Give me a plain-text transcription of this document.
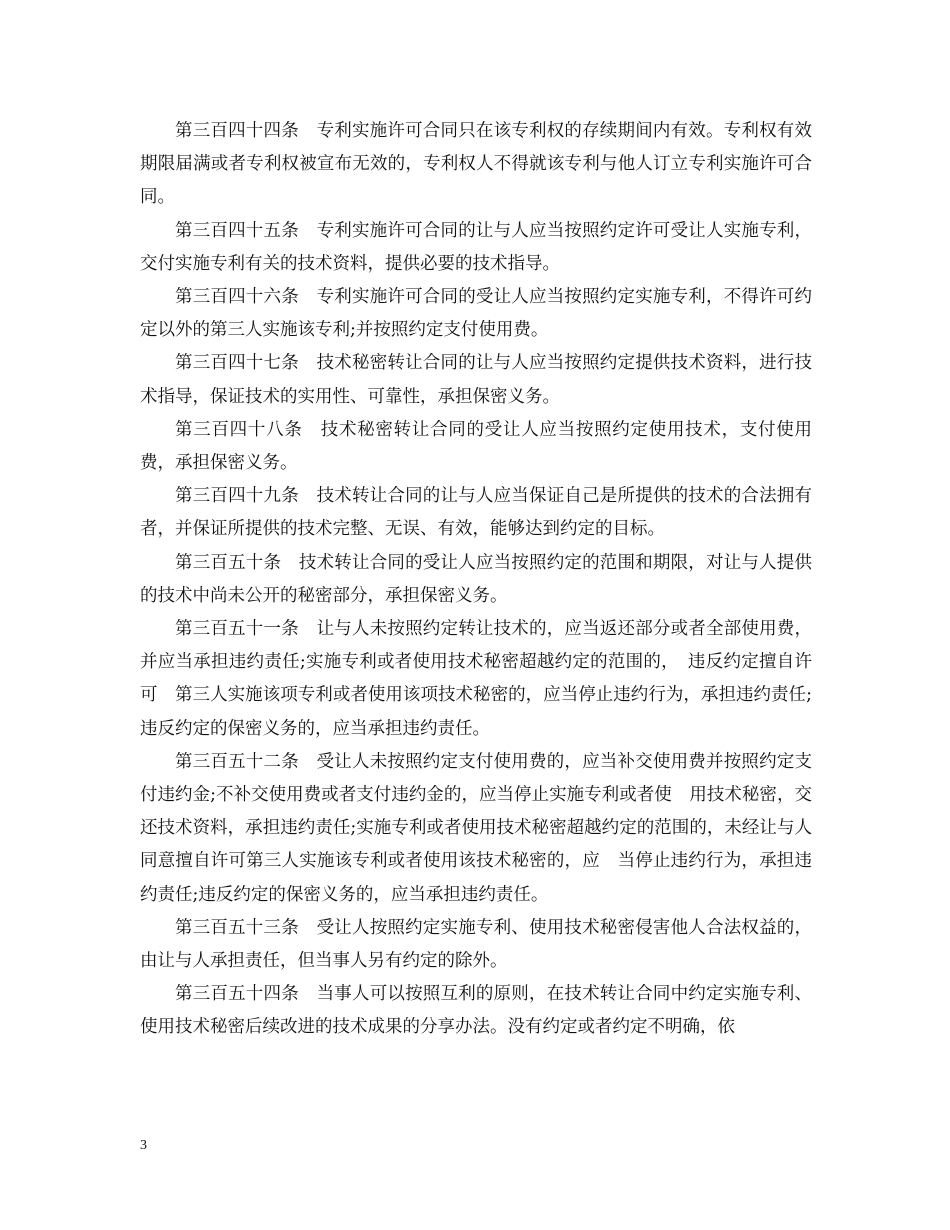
第三百四十四条　专利实施许可合同只在该专利权的存续期间内有效。专利权有效期限届满或者专利权被宣布无效的，专利权人不得就该专利与他人订立专利实施许可合同。

第三百四十五条　专利实施许可合同的让与人应当按照约定许可受让人实施专利，交付实施专利有关的技术资料，提供必要的技术指导。

第三百四十六条　专利实施许可合同的受让人应当按照约定实施专利，不得许可约定以外的第三人实施该专利;并按照约定支付使用费。

第三百四十七条　技术秘密转让合同的让与人应当按照约定提供技术资料，进行技术指导，保证技术的实用性、可靠性，承担保密义务。

第三百四十八条　技术秘密转让合同的受让人应当按照约定使用技术，支付使用费，承担保密义务。

第三百四十九条　技术转让合同的让与人应当保证自己是所提供的技术的合法拥有者，并保证所提供的技术完整、无误、有效，能够达到约定的目标。

第三百五十条　技术转让合同的受让人应当按照约定的范围和期限，对让与人提供的技术中尚未公开的秘密部分，承担保密义务。

第三百五十一条　让与人未按照约定转让技术的，应当返还部分或者全部使用费，并应当承担违约责任;实施专利或者使用技术秘密超越约定的范围的，　违反约定擅自许可　第三人实施该项专利或者使用该项技术秘密的，应当停止违约行为，承担违约责任;违反约定的保密义务的，应当承担违约责任。

第三百五十二条　受让人未按照约定支付使用费的，应当补交使用费并按照约定支付违约金;不补交使用费或者支付违约金的，应当停止实施专利或者使　用技术秘密，交还技术资料，承担违约责任;实施专利或者使用技术秘密超越约定的范围的，未经让与人同意擅自许可第三人实施该专利或者使用该技术秘密的，应　当停止违约行为，承担违约责任;违反约定的保密义务的，应当承担违约责任。

第三百五十三条　受让人按照约定实施专利、使用技术秘密侵害他人合法权益的，由让与人承担责任，但当事人另有约定的除外。

第三百五十四条　当事人可以按照互利的原则，在技术转让合同中约定实施专利、使用技术秘密后续改进的技术成果的分享办法。没有约定或者约定不明确，依

3
